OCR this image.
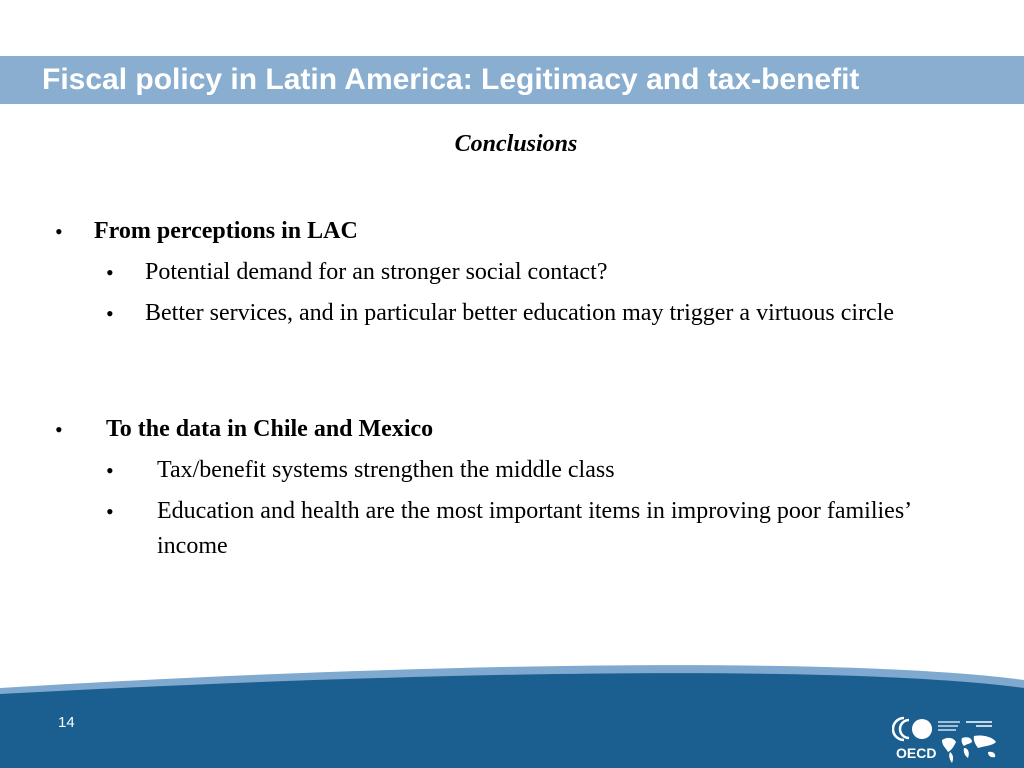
Fiscal policy in Latin America: Legitimacy and tax-benefit
Conclusions
• From perceptions in LAC
• Potential demand for an stronger social contact?
• Better services, and in particular better education may trigger a virtuous circle
• To the data in Chile and Mexico
• Tax/benefit systems strengthen the middle class
• Education and health are the most important items in improving poor families’ income
14
OECD
